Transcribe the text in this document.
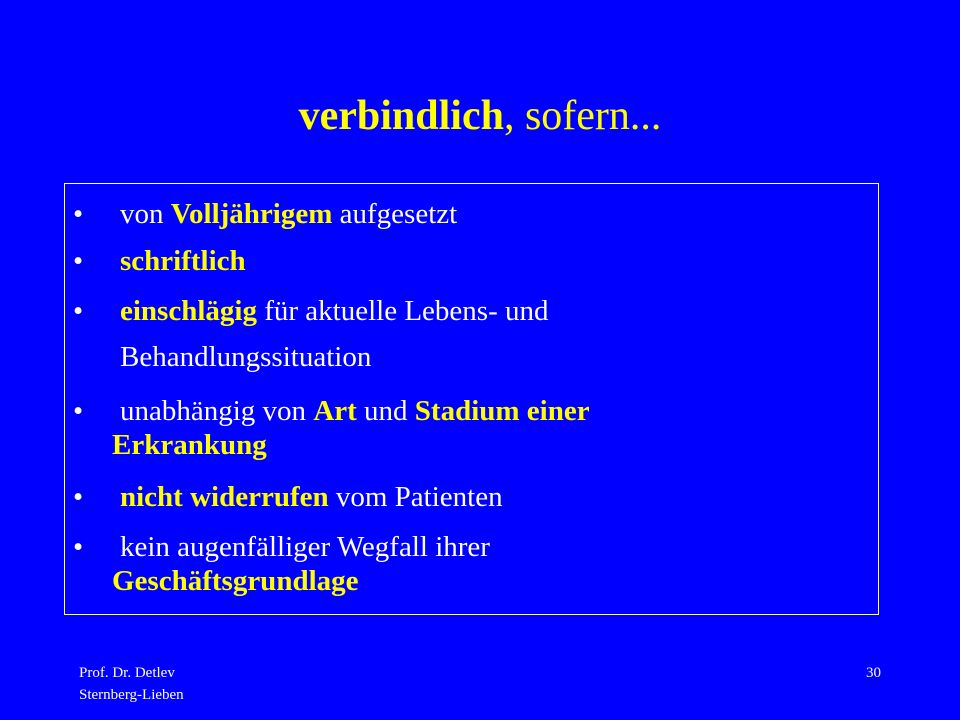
verbindlich, sofern...
• von Volljährigem aufgesetzt
• schriftlich
• einschlägig für aktuelle Lebens- und
Behandlungssituation
• unabhängig von Art und Stadium einer
Erkrankung
• nicht widerrufen vom Patienten
• kein augenfälliger Wegfall ihrer
Geschäftsgrundlage
Prof. Dr. Detlev
Sternberg-Lieben
30
